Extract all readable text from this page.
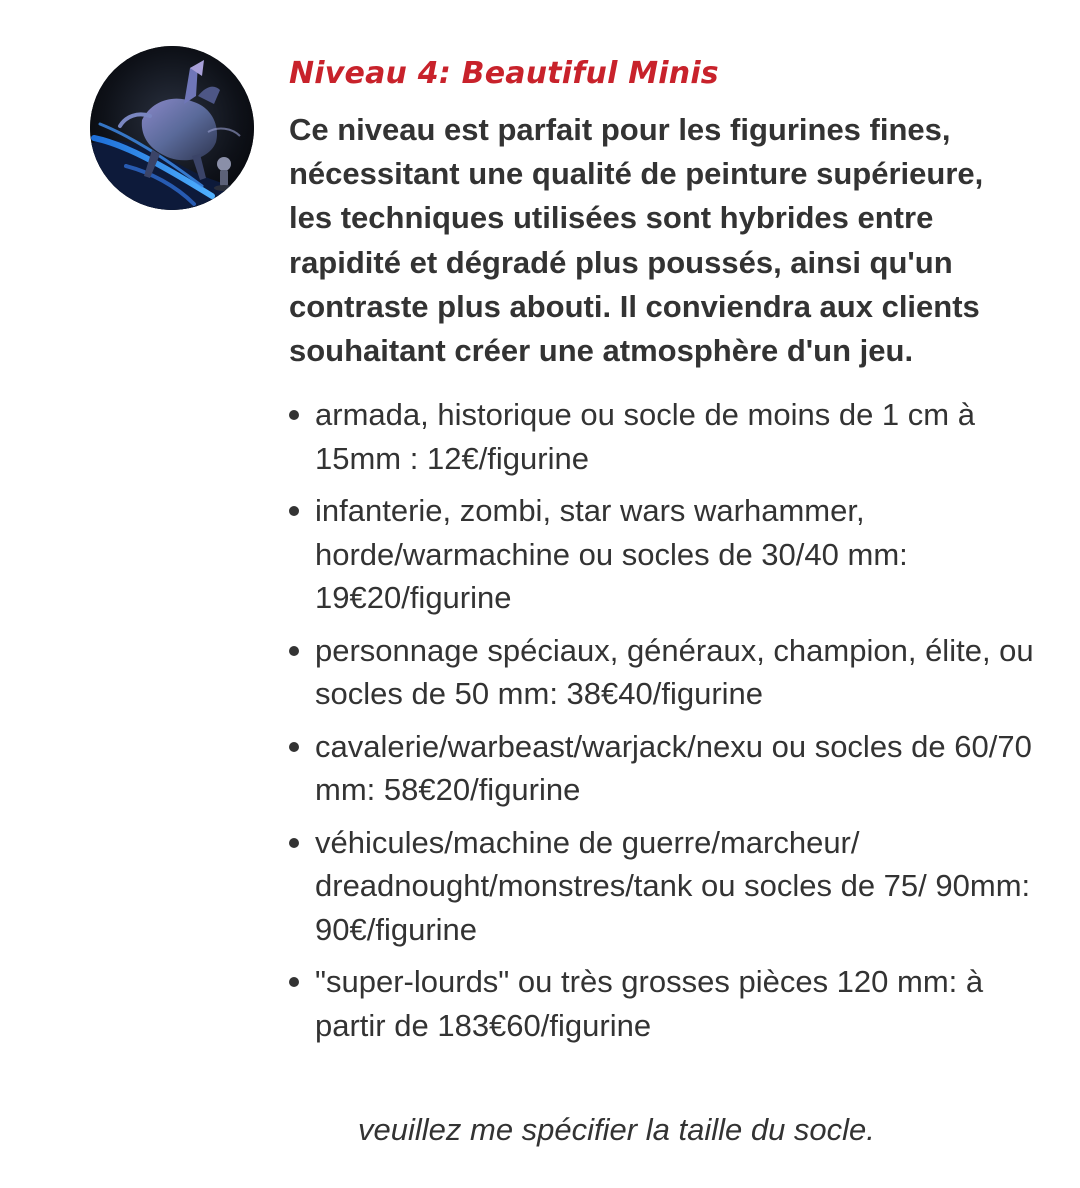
Niveau 4: Beautiful Minis

Ce niveau est parfait pour les figurines fines, nécessitant une qualité de peinture supérieure, les techniques utilisées sont hybrides entre rapidité et dégradé plus poussés, ainsi qu'un contraste plus abouti. Il conviendra aux clients souhaitant créer une atmosphère d'un jeu.

armada, historique ou socle de moins de 1 cm à 15mm : 12€/figurine
infanterie, zombi, star wars warhammer, horde/warmachine ou socles de 30/40 mm: 19€20/figurine
personnage spéciaux, généraux, champion, élite, ou socles de 50 mm: 38€40/figurine
cavalerie/warbeast/warjack/nexu ou socles de 60/70 mm: 58€20/figurine
véhicules/machine de guerre/marcheur/ dreadnought/monstres/tank ou socles de 75/ 90mm: 90€/figurine
"super-lourds" ou très grosses pièces 120 mm: à partir de 183€60/figurine

veuillez me spécifier la taille du socle.
